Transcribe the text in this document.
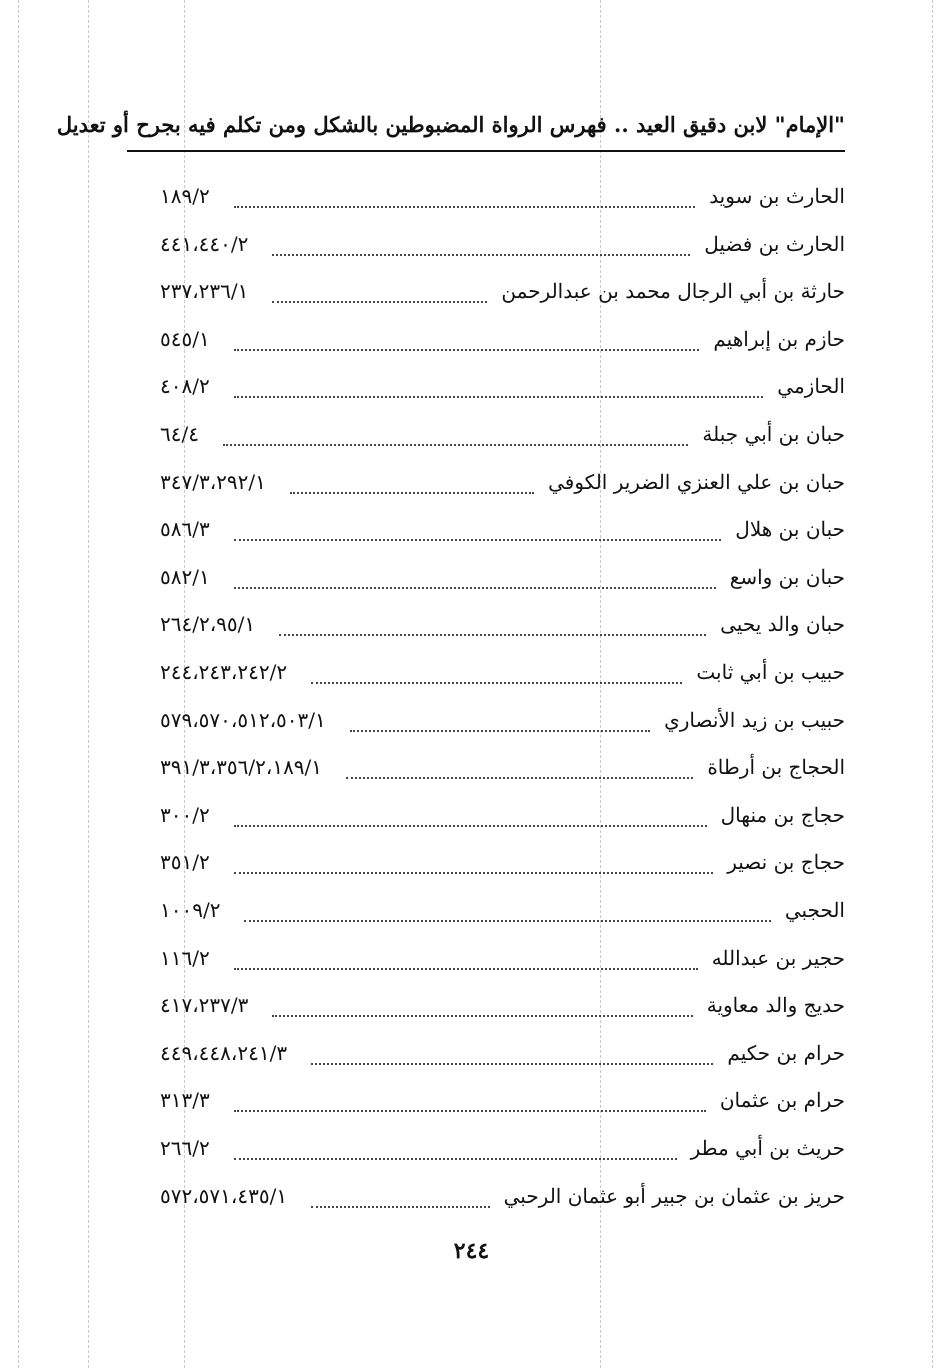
"الإمام" لابن دقيق العيد .. فهرس الرواة المضبوطين بالشكل ومن تكلم فيه بجرح أو تعديل
الحارث بن سويد
١٨٩/٢
الحارث بن فضيل
٤٤١،٤٤٠/٢
حارثة بن أبي الرجال محمد بن عبدالرحمن
٢٣٧،٢٣٦/١
حازم بن إبراهيم
٥٤٥/١
الحازمي
٤٠٨/٢
حبان بن أبي جبلة
٦٤/٤
حبان بن علي العنزي الضرير الكوفي
٣٤٧/٣،٢٩٢/١
حبان بن هلال
٥٨٦/٣
حبان بن واسع
٥٨٢/١
حبان والد يحيى
٢٦٤/٢،٩٥/١
حبيب بن أبي ثابت
٢٤٤،٢٤٣،٢٤٢/٢
حبيب بن زيد الأنصاري
٥٧٩،٥٧٠،٥١٢،٥٠٣/١
الحجاج بن أرطاة
٣٩١/٣،٣٥٦/٢،١٨٩/١
حجاج بن منهال
٣٠٠/٢
حجاج بن نصير
٣٥١/٢
الحجبي
١٠٠٩/٢
حجير بن عبدالله
١١٦/٢
حديج والد معاوية
٤١٧،٢٣٧/٣
حرام بن حكيم
٤٤٩،٤٤٨،٢٤١/٣
حرام بن عثمان
٣١٣/٣
حريث بن أبي مطر
٢٦٦/٢
حريز بن عثمان بن جبير أبو عثمان الرحبي
٥٧٢،٥٧١،٤٣٥/١
٢٤٤
